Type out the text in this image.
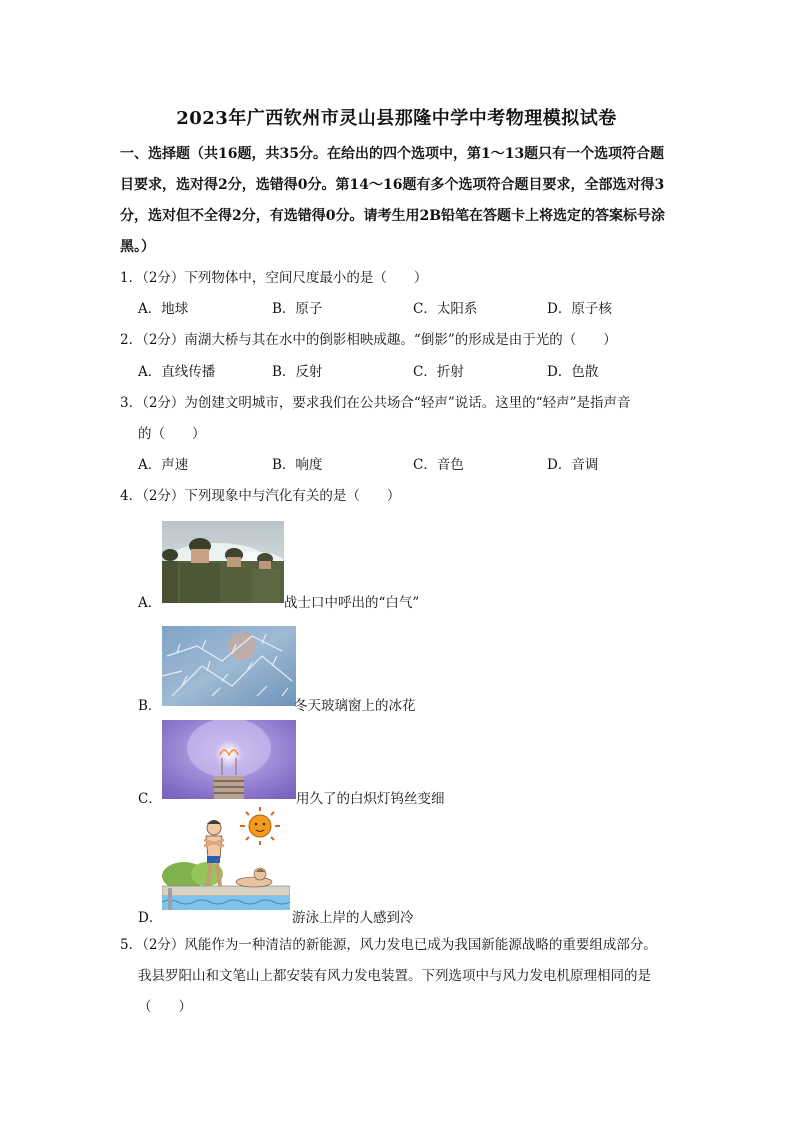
2023年广西钦州市灵山县那隆中学中考物理模拟试卷
一、选择题（共16题，共35分。在给出的四个选项中，第1～13题只有一个选项符合题
目要求，选对得2分，选错得0分。第14～16题有多个选项符合题目要求，全部选对得3
分，选对但不全得2分，有选错得0分。请考生用2B铅笔在答题卡上将选定的答案标号涂
黑。）
1．（2分）下列物体中，空间尺度最小的是（　　）
A．地球	B．原子	C．太阳系	D．原子核
2．（2分）南湖大桥与其在水中的倒影相映成趣。“倒影”的形成是由于光的（　　）
A．直线传播	B．反射	C．折射	D．色散
3．（2分）为创建文明城市，要求我们在公共场合“轻声”说话。这里的“轻声”是指声音
的（　　）
A．声速	B．响度	C．音色	D．音调
4．（2分）下列现象中与汽化有关的是（　　）
A．	战士口中呼出的“白气”
B．	冬天玻璃窗上的冰花
C．	用久了的白炽灯钨丝变细
D．	游泳上岸的人感到冷
5．（2分）风能作为一种清洁的新能源，风力发电已成为我国新能源战略的重要组成部分。
我县罗阳山和文笔山上都安装有风力发电装置。下列选项中与风力发电机原理相同的是
（　　）
